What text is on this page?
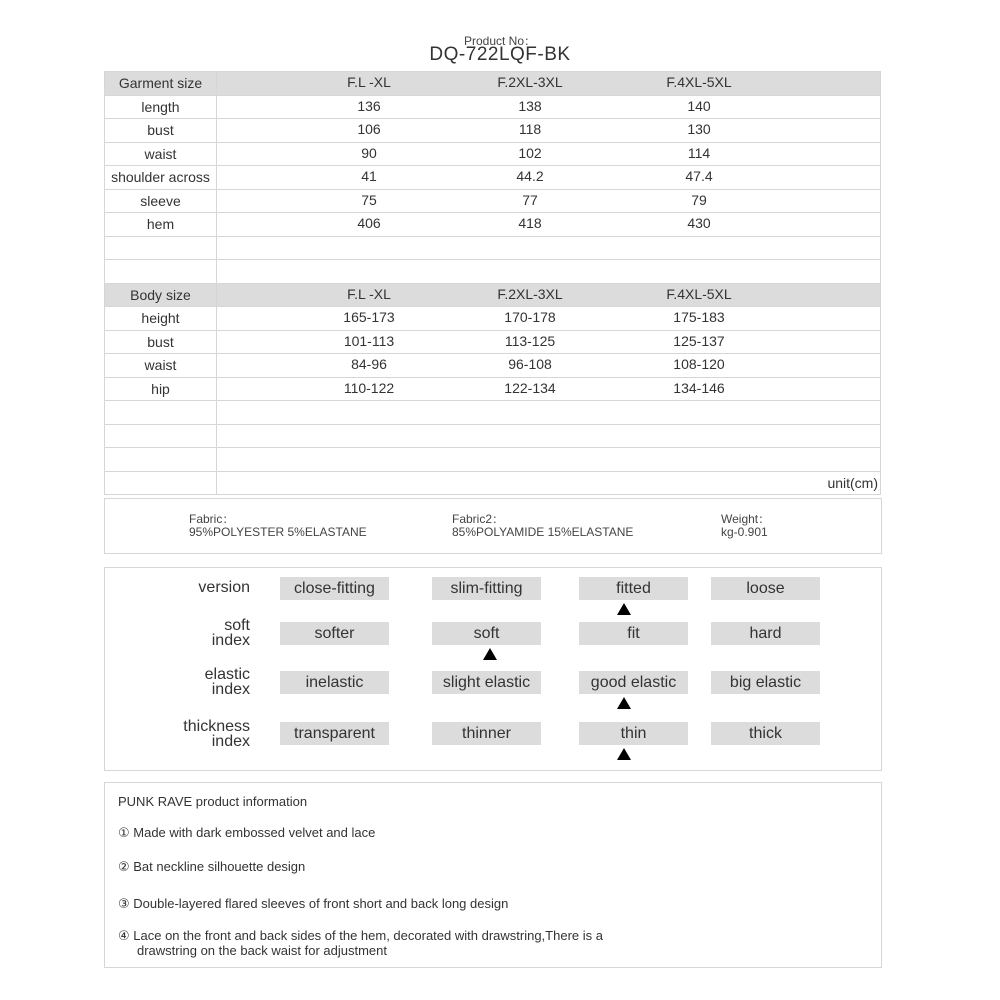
Product No：
DQ-722LQF-BK
Garment size	F.L -XL F.2XL-3XL F.4XL-5XL

length	136 138 140

bust	106 118 130

waist	90 102 114

shoulder across	41 44.2 47.4

sleeve	75 77 79

hem	406 418 430

Body size	F.L -XL F.2XL-3XL F.4XL-5XL

height	165-173 170-178 175-183

bust	101-113 113-125 125-137

waist	84-96 96-108 108-120

hip	110-122 122-134 134-146

	unit(cm)
Fabric：
95%POLYESTER 5%ELASTANE
Fabric2：
85%POLYAMIDE 15%ELASTANE
Weight：
kg-0.901
version	close-fitting	slim-fitting	fitted	loose
soft
index	softer	soft	fit	hard
elastic
index	inelastic	slight elastic	good elastic	big elastic
thickness
index	transparent	thinner	thin	thick
PUNK RAVE product information
① Made with dark embossed velvet and lace
② Bat neckline silhouette design
③ Double-layered flared sleeves of front short and back long design
④ Lace on the front and back sides of the hem, decorated with drawstring,There is a
drawstring on the back waist for adjustment
